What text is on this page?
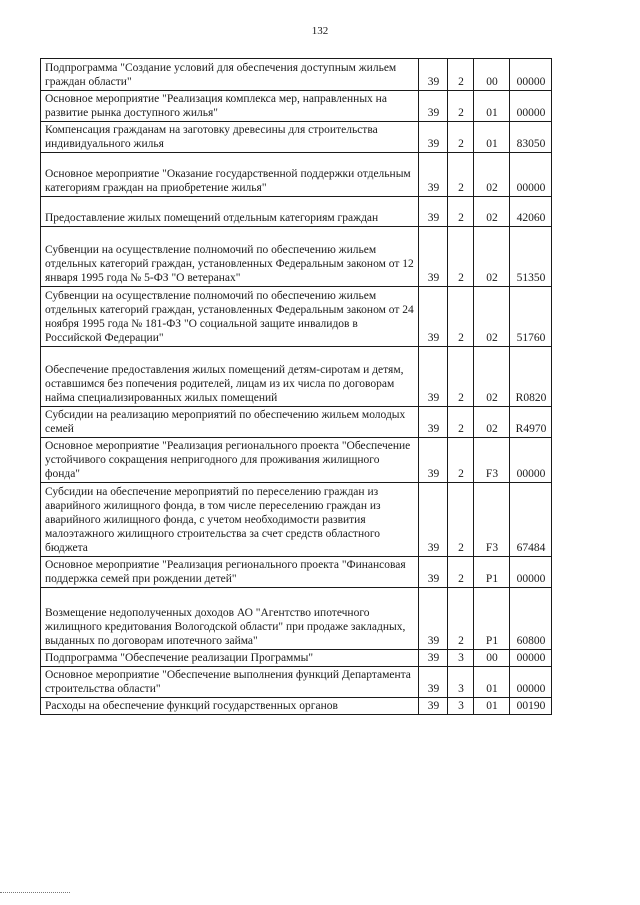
132
Подпрограмма "Создание условий для обеспечения доступным жильем граждан области"	39	2	00	00000
Основное мероприятие "Реализация комплекса мер, направленных на развитие рынка доступного жилья"	39	2	01	00000
Компенсация гражданам на заготовку древесины для строительства индивидуального жилья	39	2	01	83050
Основное мероприятие "Оказание государственной поддержки отдельным категориям граждан на приобретение жилья"	39	2	02	00000
Предоставление жилых помещений отдельным категориям граждан	39	2	02	42060
Субвенции на осуществление полномочий по обеспечению жильем отдельных категорий граждан, установленных Федеральным законом от 12 января 1995 года № 5-ФЗ "О ветеранах"	39	2	02	51350
Субвенции на осуществление полномочий по обеспечению жильем отдельных категорий граждан, установленных Федеральным законом от 24 ноября 1995 года № 181-ФЗ "О социальной защите инвалидов в Российской Федерации"	39	2	02	51760
Обеспечение предоставления жилых помещений детям-сиротам и детям, оставшимся без попечения родителей, лицам из их числа по договорам найма специализированных жилых помещений	39	2	02	R0820
Субсидии на реализацию мероприятий по обеспечению жильем молодых семей	39	2	02	R4970
Основное мероприятие "Реализация регионального проекта "Обеспечение устойчивого сокращения непригодного для проживания жилищного фонда"	39	2	F3	00000
Субсидии на обеспечение мероприятий по переселению граждан из аварийного жилищного фонда, в том числе переселению граждан из аварийного жилищного фонда, с учетом необходимости развития малоэтажного жилищного строительства за счет средств областного бюджета	39	2	F3	67484
Основное мероприятие "Реализация регионального проекта "Финансовая поддержка семей при рождении детей"	39	2	P1	00000
Возмещение недополученных доходов АО "Агентство ипотечного жилищного кредитования Вологодской области" при продаже закладных, выданных по договорам ипотечного займа"	39	2	P1	60800
Подпрограмма "Обеспечение реализации Программы"	39	3	00	00000
Основное мероприятие "Обеспечение выполнения функций Департамента строительства области"	39	3	01	00000
Расходы на обеспечение функций государственных органов	39	3	01	00190
